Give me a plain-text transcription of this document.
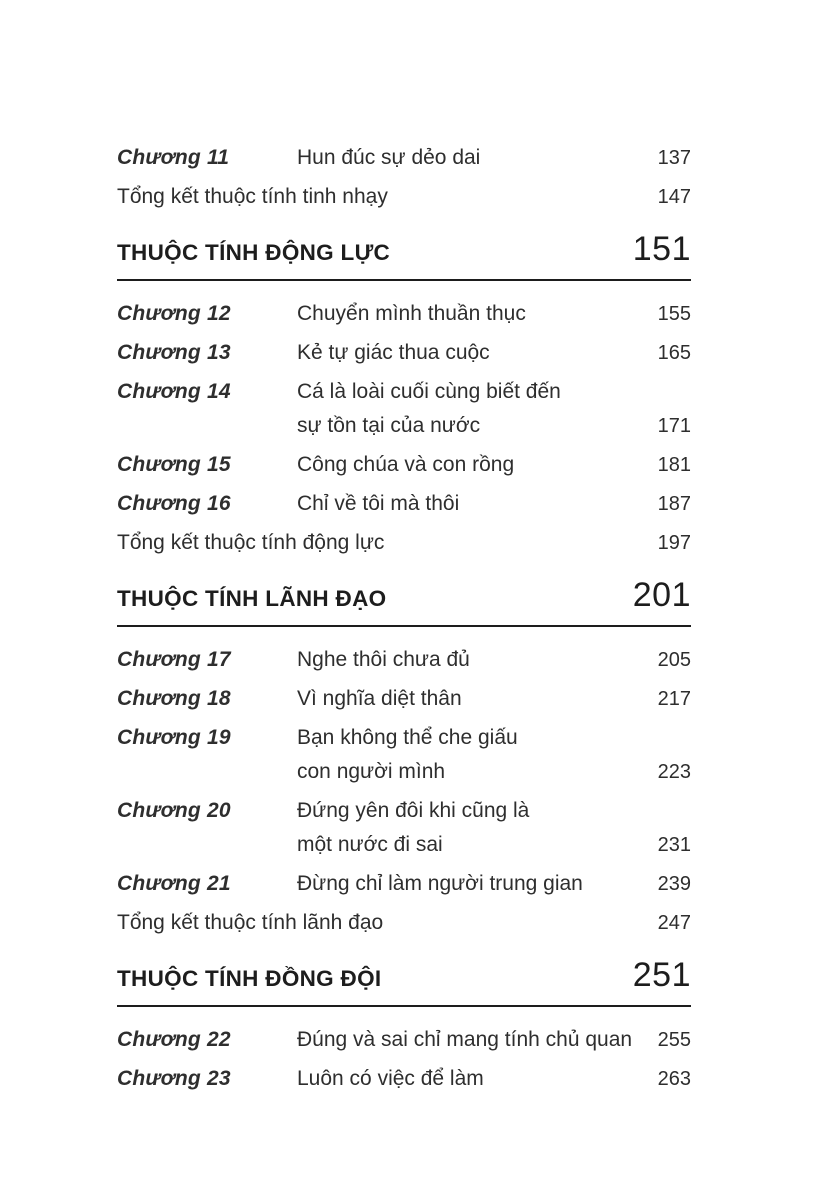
Chương 11	Hun đúc sự dẻo dai	137
Tổng kết thuộc tính tinh nhạy	147
THUỘC TÍNH ĐỘNG LỰC	151
Chương 12	Chuyển mình thuần thục	155
Chương 13	Kẻ tự giác thua cuộc	165
Chương 14	Cá là loài cuối cùng biết đến
sự tồn tại của nước	171
Chương 15	Công chúa và con rồng	181
Chương 16	Chỉ về tôi mà thôi	187
Tổng kết thuộc tính động lực	197
THUỘC TÍNH LÃNH ĐẠO	201
Chương 17	Nghe thôi chưa đủ	205
Chương 18	Vì nghĩa diệt thân	217
Chương 19	Bạn không thể che giấu
con người mình	223
Chương 20	Đứng yên đôi khi cũng là
một nước đi sai	231
Chương 21	Đừng chỉ làm người trung gian	239
Tổng kết thuộc tính lãnh đạo	247
THUỘC TÍNH ĐỒNG ĐỘI	251
Chương 22	Đúng và sai chỉ mang tính chủ quan 255
Chương 23	Luôn có việc để làm	263
